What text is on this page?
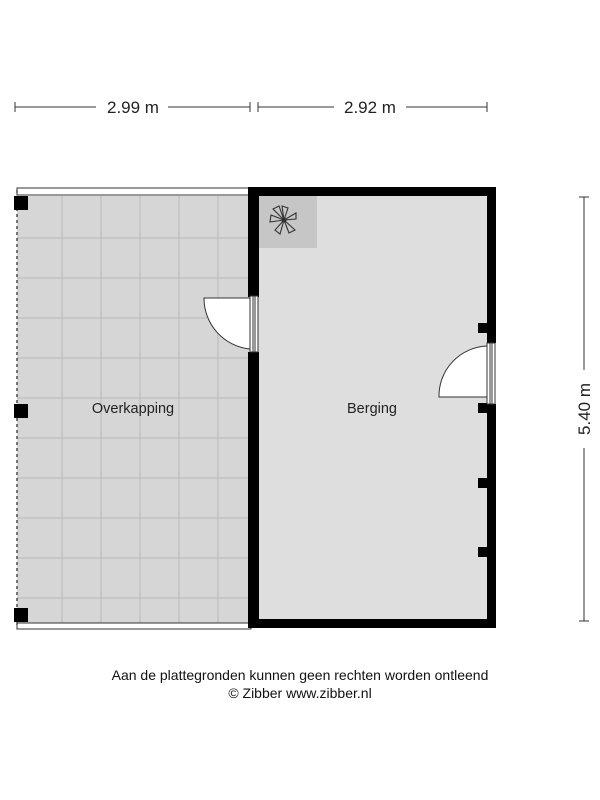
2.99 m	2.92 m
5.40 m
Overkapping	Berging
Aan de plattegronden kunnen geen rechten worden ontleend
© Zibber www.zibber.nl
